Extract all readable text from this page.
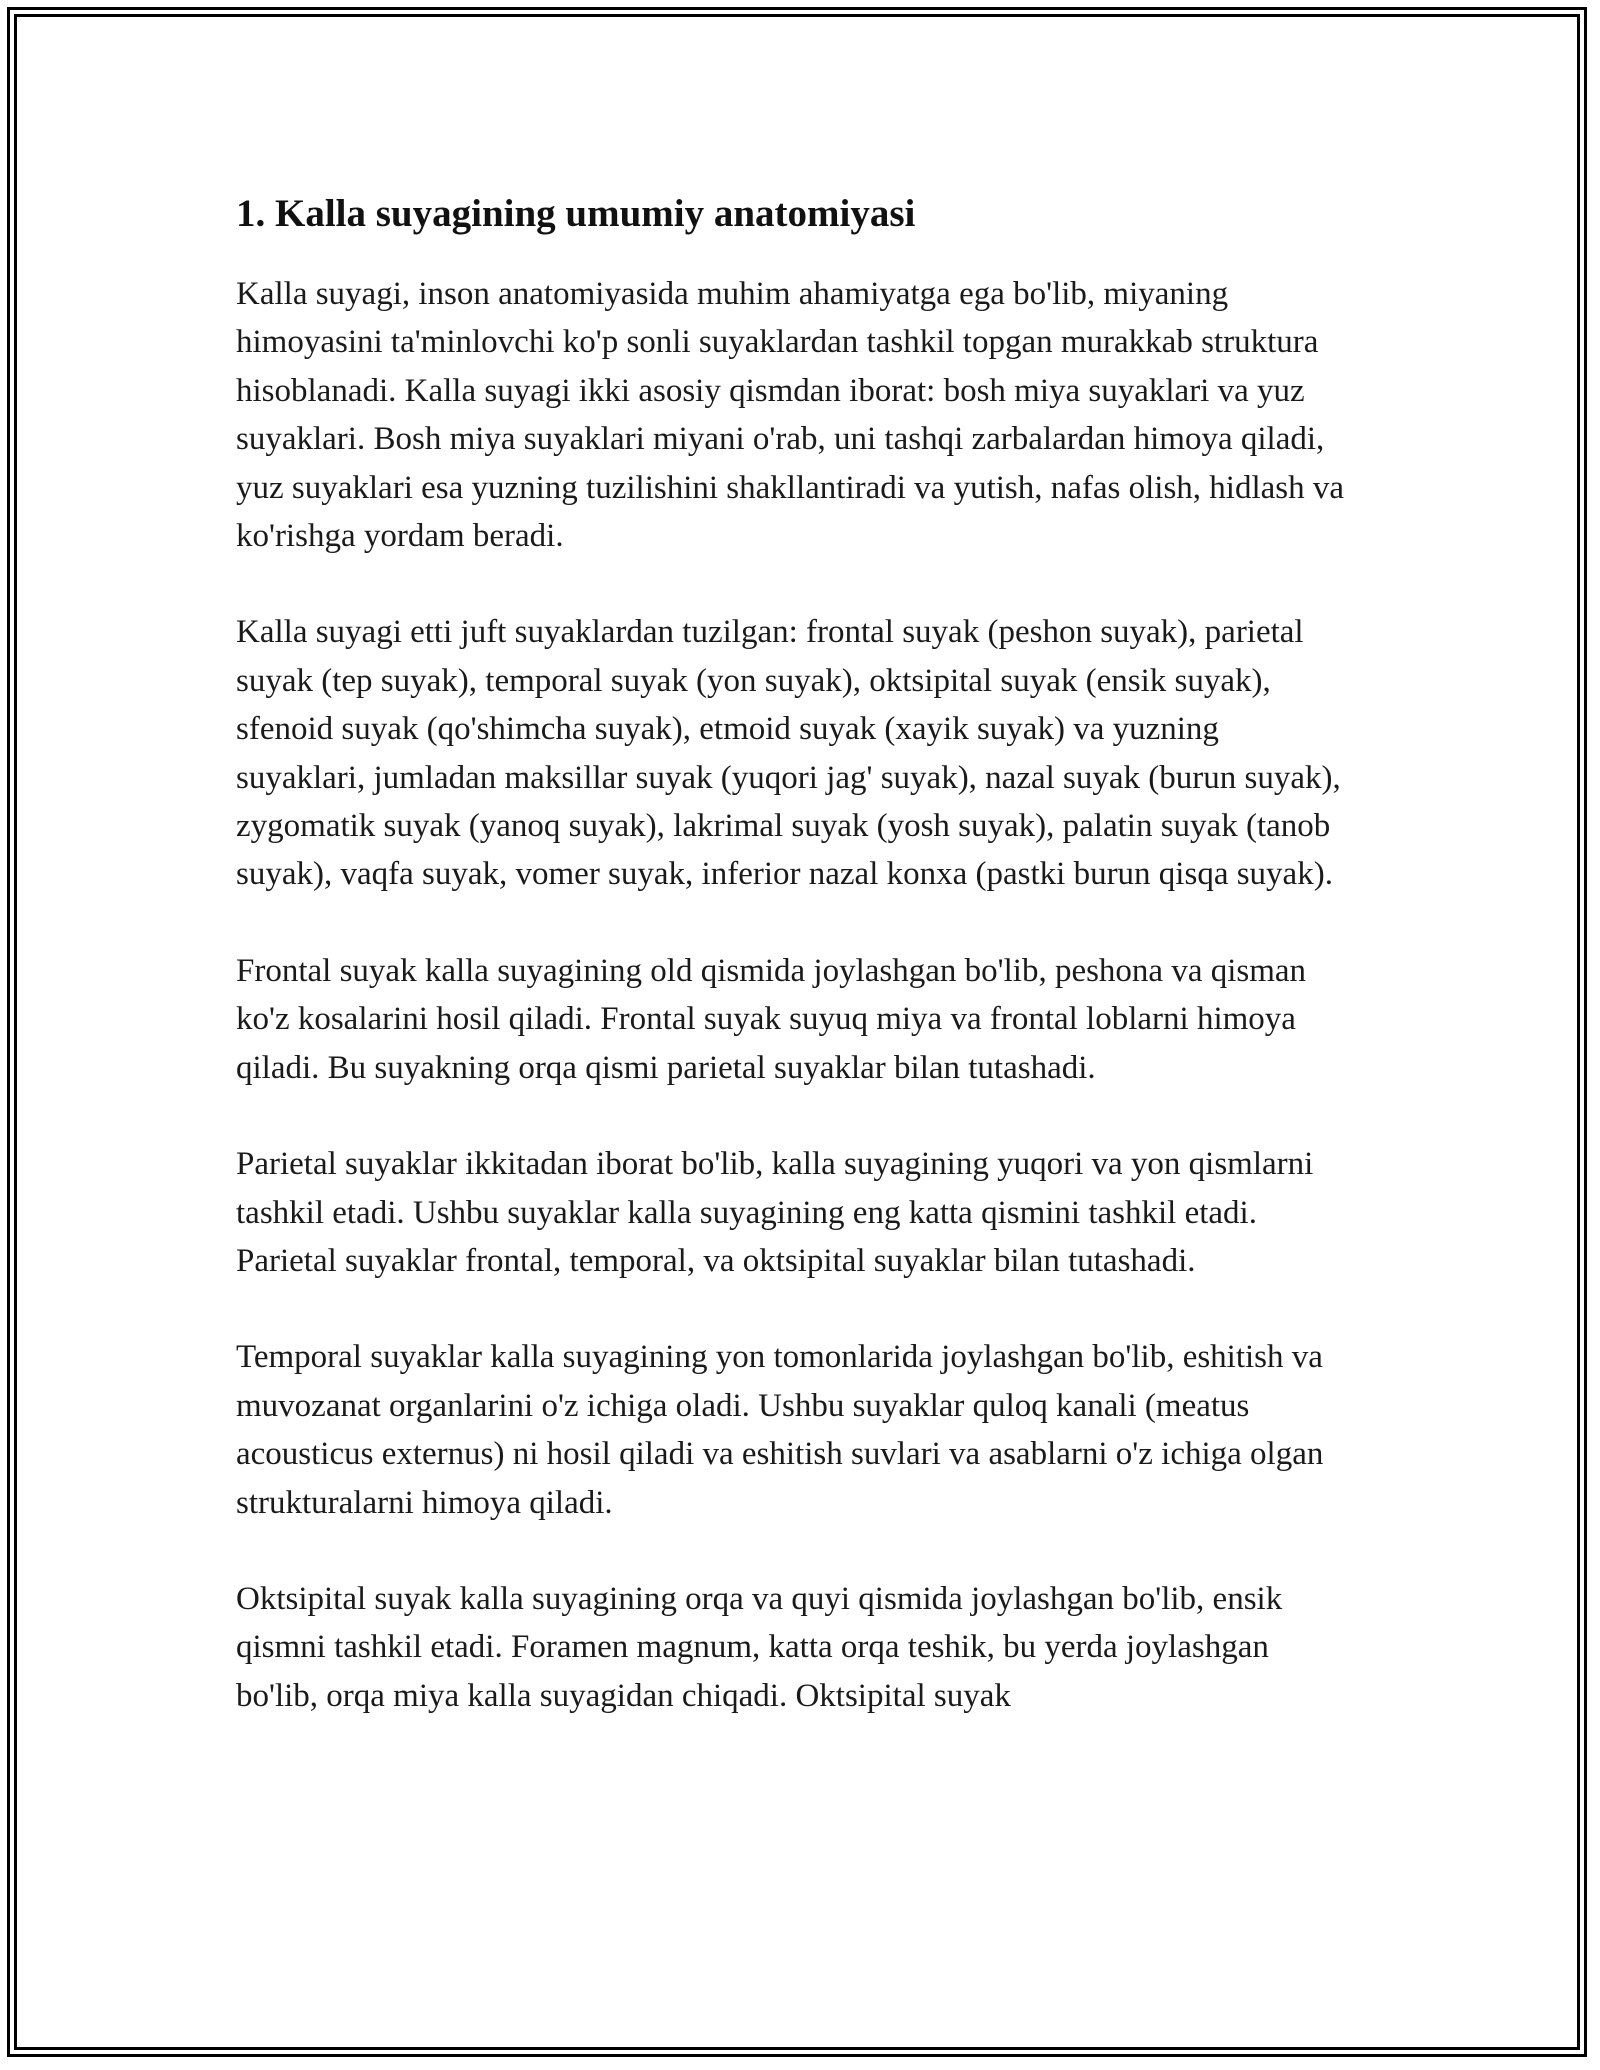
1. Kalla suyagining umumiy anatomiyasi

Kalla suyagi, inson anatomiyasida muhim ahamiyatga ega bo'lib, miyaning himoyasini ta'minlovchi ko'p sonli suyaklardan tashkil topgan murakkab struktura hisoblanadi. Kalla suyagi ikki asosiy qismdan iborat: bosh miya suyaklari va yuz suyaklari. Bosh miya suyaklari miyani o'rab, uni tashqi zarbalardan himoya qiladi, yuz suyaklari esa yuzning tuzilishini shakllantiradi va yutish, nafas olish, hidlash va ko'rishga yordam beradi.

Kalla suyagi etti juft suyaklardan tuzilgan: frontal suyak (peshon suyak), parietal suyak (tep suyak), temporal suyak (yon suyak), oktsipital suyak (ensik suyak), sfenoid suyak (qo'shimcha suyak), etmoid suyak (xayik suyak) va yuzning suyaklari, jumladan maksillar suyak (yuqori jag' suyak), nazal suyak (burun suyak), zygomatik suyak (yanoq suyak), lakrimal suyak (yosh suyak), palatin suyak (tanob suyak), vaqfa suyak, vomer suyak, inferior nazal konxa (pastki burun qisqa suyak).

Frontal suyak kalla suyagining old qismida joylashgan bo'lib, peshona va qisman ko'z kosalarini hosil qiladi. Frontal suyak suyuq miya va frontal loblarni himoya qiladi. Bu suyakning orqa qismi parietal suyaklar bilan tutashadi.

Parietal suyaklar ikkitadan iborat bo'lib, kalla suyagining yuqori va yon qismlarni tashkil etadi. Ushbu suyaklar kalla suyagining eng katta qismini tashkil etadi. Parietal suyaklar frontal, temporal, va oktsipital suyaklar bilan tutashadi.

Temporal suyaklar kalla suyagining yon tomonlarida joylashgan bo'lib, eshitish va muvozanat organlarini o'z ichiga oladi. Ushbu suyaklar quloq kanali (meatus acousticus externus) ni hosil qiladi va eshitish suvlari va asablarni o'z ichiga olgan strukturalarni himoya qiladi.

Oktsipital suyak kalla suyagining orqa va quyi qismida joylashgan bo'lib, ensik qismni tashkil etadi. Foramen magnum, katta orqa teshik, bu yerda joylashgan bo'lib, orqa miya kalla suyagidan chiqadi. Oktsipital suyak
